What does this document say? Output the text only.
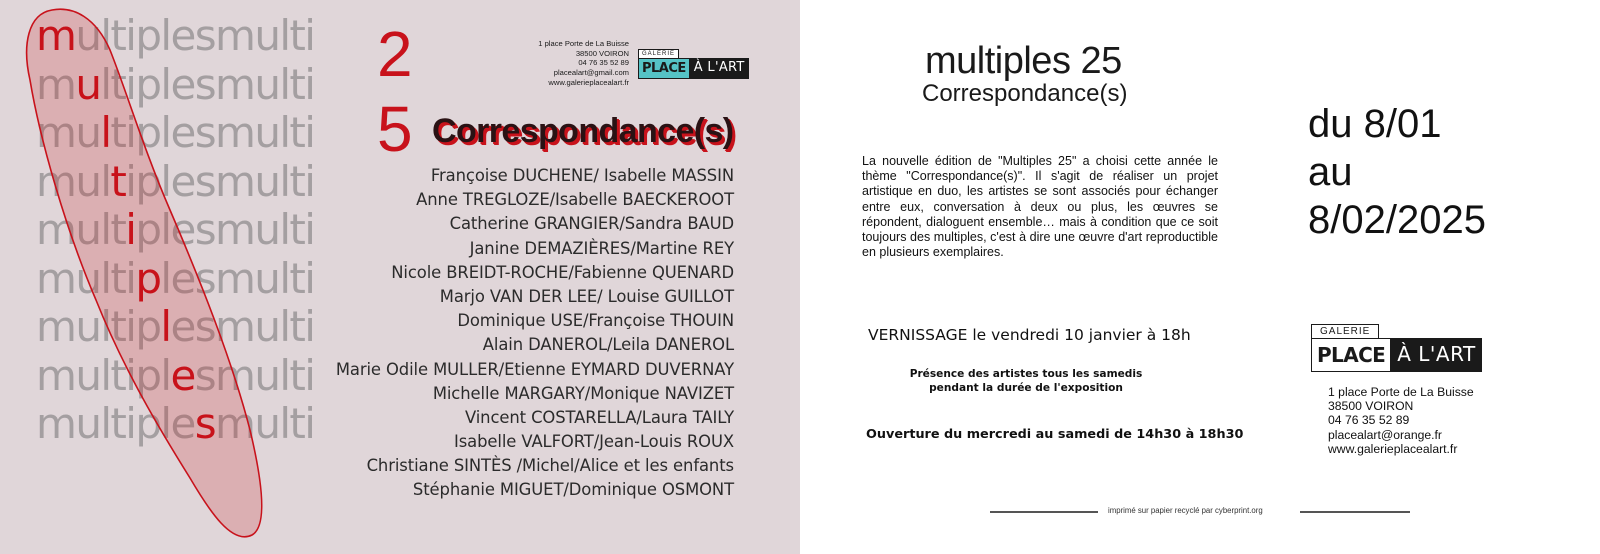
multiplesmulti
multiplesmulti
multiplesmulti
multiplesmulti
multiplesmulti
multiplesmulti
multiplesmulti
multiplesmulti
multiplesmulti
2
5 Correspondance(s)
1 place Porte de La Buisse
38500 VOIRON
04 76 35 52 89
placealart@gmail.com
www.galerieplacealart.fr
GALERIE
PLACE À L'ART
Françoise DUCHENE/ Isabelle MASSIN
Anne TREGLOZE/Isabelle BAECKEROOT
Catherine GRANGIER/Sandra BAUD
Janine DEMAZIÈRES/Martine REY
Nicole BREIDT-ROCHE/Fabienne QUENARD
Marjo VAN DER LEE/ Louise GUILLOT
Dominique USE/Françoise THOUIN
Alain DANEROL/Leila DANEROL
Marie Odile MULLER/Etienne EYMARD DUVERNAY
Michelle MARGARY/Monique NAVIZET
Vincent COSTARELLA/Laura TAILY
Isabelle VALFORT/Jean-Louis ROUX
Christiane SINTÈS /Michel/Alice et les enfants
Stéphanie MIGUET/Dominique OSMONT
multiples 25
Correspondance(s)

La nouvelle édition de "Multiples 25" a choisi cette année le thème "Correspondance(s)". Il s'agit de réaliser un projet artistique en duo, les artistes se sont associés pour échanger entre eux, conversation à deux ou plus, les œuvres se répondent, dialoguent ensemble… mais à condition que ce soit toujours des multiples, c'est à dire une œuvre d'art reproductible en plusieurs exemplaires.

du 8/01
au
8/02/2025
VERNISSAGE le vendredi 10 janvier à 18h
Présence des artistes tous les samedis
pendant la durée de l'exposition
Ouverture du mercredi au samedi de 14h30 à 18h30
GALERIE
PLACE À L'ART
1 place Porte de La Buisse
38500 VOIRON
04 76 35 52 89
placealart@orange.fr
www.galerieplacealart.fr
imprimé sur papier recyclé par cyberprint.org
